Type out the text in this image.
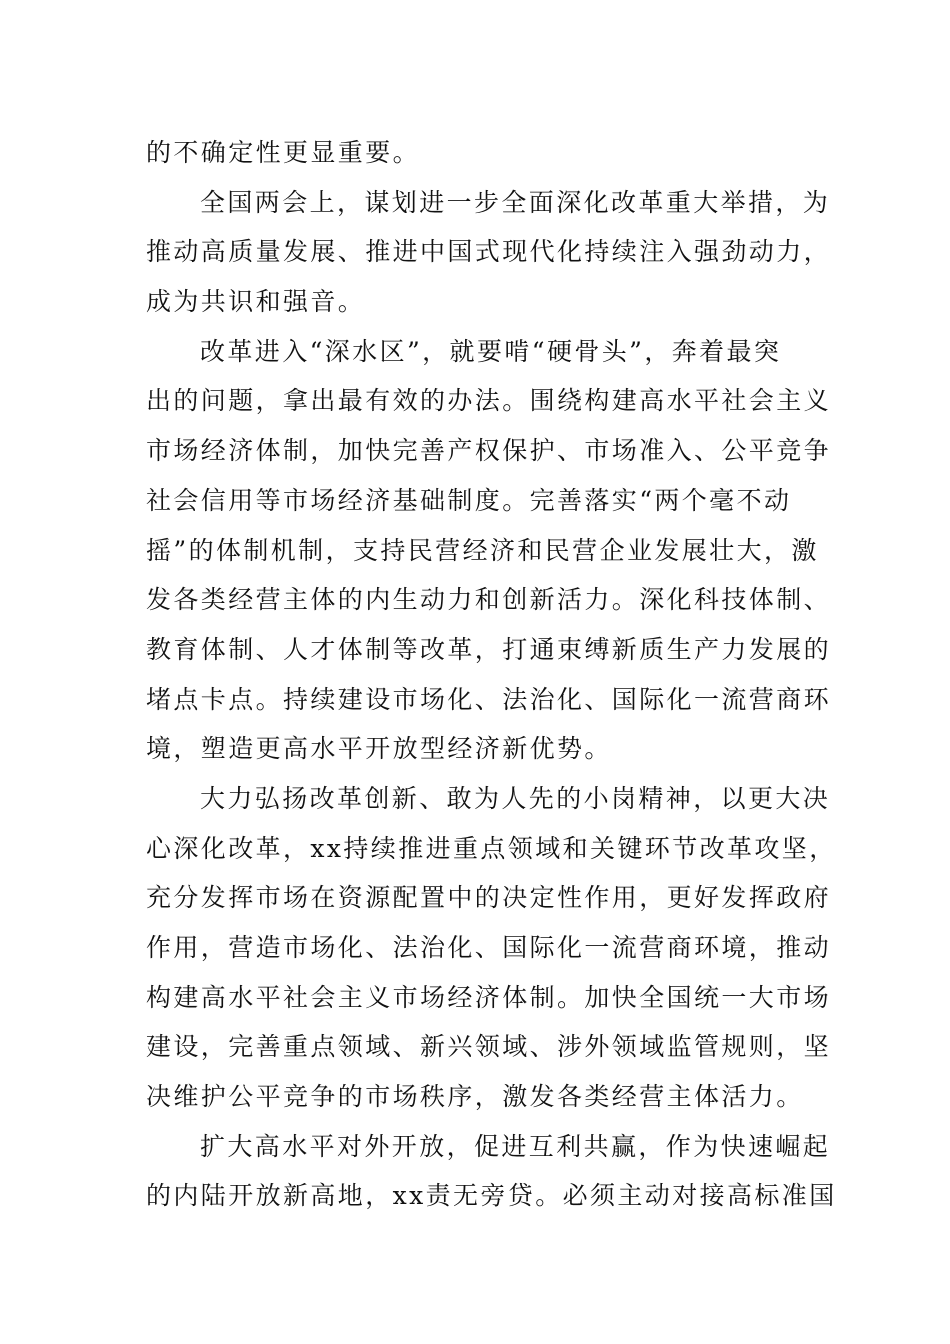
的不确定性更显重要。
全国两会上，谋划进一步全面深化改革重大举措，为
推动高质量发展、推进中国式现代化持续注入强劲动力，
成为共识和强音。
改革进入“深水区”，就要啃“硬骨头”，奔着最突
出的问题，拿出最有效的办法。围绕构建高水平社会主义
市场经济体制，加快完善产权保护、市场准入、公平竞争
社会信用等市场经济基础制度。完善落实“两个毫不动
摇”的体制机制，支持民营经济和民营企业发展壮大，激
发各类经营主体的内生动力和创新活力。深化科技体制、
教育体制、人才体制等改革，打通束缚新质生产力发展的
堵点卡点。持续建设市场化、法治化、国际化一流营商环
境，塑造更高水平开放型经济新优势。
大力弘扬改革创新、敢为人先的小岗精神，以更大决
心深化改革，xx持续推进重点领域和关键环节改革攻坚，
充分发挥市场在资源配置中的决定性作用，更好发挥政府
作用，营造市场化、法治化、国际化一流营商环境，推动
构建高水平社会主义市场经济体制。加快全国统一大市场
建设，完善重点领域、新兴领域、涉外领域监管规则，坚
决维护公平竞争的市场秩序，激发各类经营主体活力。
扩大高水平对外开放，促进互利共赢，作为快速崛起
的内陆开放新高地，xx责无旁贷。必须主动对接高标准国
